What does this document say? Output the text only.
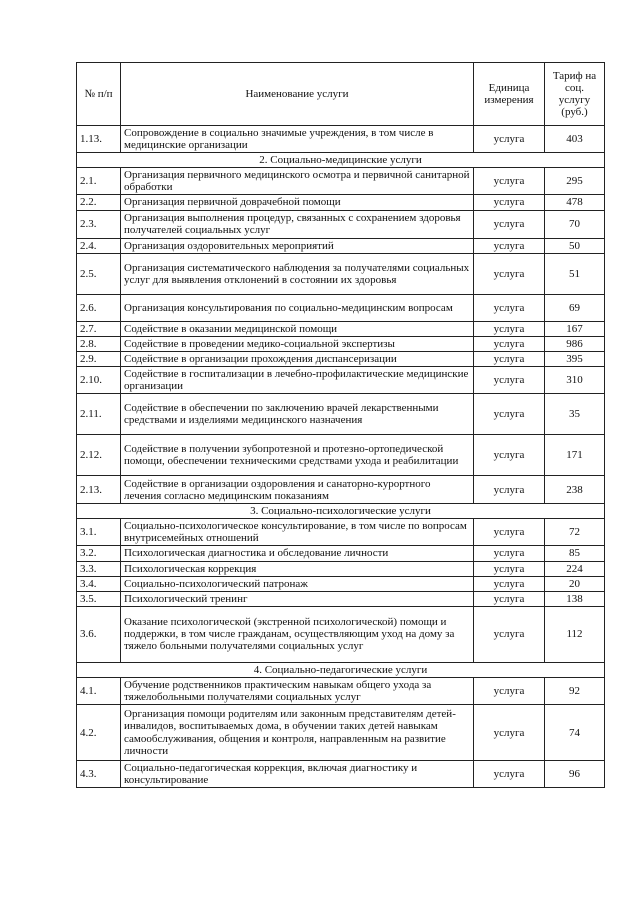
№ п/п	Наименование услуги	Единица измерения	Тариф на соц. услугу (руб.)
1.13.	Сопровождение в социально значимые учреждения, в том числе в медицинские организации	услуга	403
2. Социально-медицинские услуги			
2.1.	Организация первичного медицинского осмотра и первичной санитарной обработки	услуга	295
2.2.	Организация первичной доврачебной помощи	услуга	478
2.3.	Организация выполнения процедур, связанных с сохранением здоровья получателей социальных услуг	услуга	70
2.4.	Организация оздоровительных мероприятий	услуга	50
2.5.	Организация систематического наблюдения за получателями социальных услуг для выявления отклонений в состоянии их здоровья	услуга	51
2.6.	Организация консультирования по социально-медицинским вопросам	услуга	69
2.7.	Содействие в оказании медицинской помощи	услуга	167
2.8.	Содействие в проведении медико-социальной экспертизы	услуга	986
2.9.	Содействие в организации прохождения диспансеризации	услуга	395
2.10.	Содействие в госпитализации в лечебно-профилактические медицинские организации	услуга	310
2.11.	Содействие в обеспечении по заключению врачей лекарственными средствами и изделиями медицинского назначения	услуга	35
2.12.	Содействие в получении зубопротезной и протезно-ортопедической помощи, обеспечении техническими средствами ухода и реабилитации	услуга	171
2.13.	Содействие в организации оздоровления и санаторно-курортного лечения согласно медицинским показаниям	услуга	238
3. Социально-психологические услуги			
3.1.	Социально-психологическое консультирование, в том числе по вопросам внутрисемейных отношений	услуга	72
3.2.	Психологическая диагностика и обследование личности	услуга	85
3.3.	Психологическая коррекция	услуга	224
3.4.	Социально-психологический патронаж	услуга	20
3.5.	Психологический тренинг	услуга	138
3.6.	Оказание психологической (экстренной психологической) помощи и поддержки, в том числе гражданам, осуществляющим уход на дому за тяжело больными получателями социальных услуг	услуга	112
4. Социально-педагогические услуги			
4.1.	Обучение родственников практическим навыкам общего ухода за тяжелобольными получателями социальных услуг	услуга	92
4.2.	Организация помощи родителям или законным представителям детей-инвалидов, воспитываемых дома, в обучении таких детей навыкам самообслуживания, общения и контроля, направленным на развитие личности	услуга	74
4.3.	Социально-педагогическая коррекция, включая диагностику и консультирование	услуга	96
